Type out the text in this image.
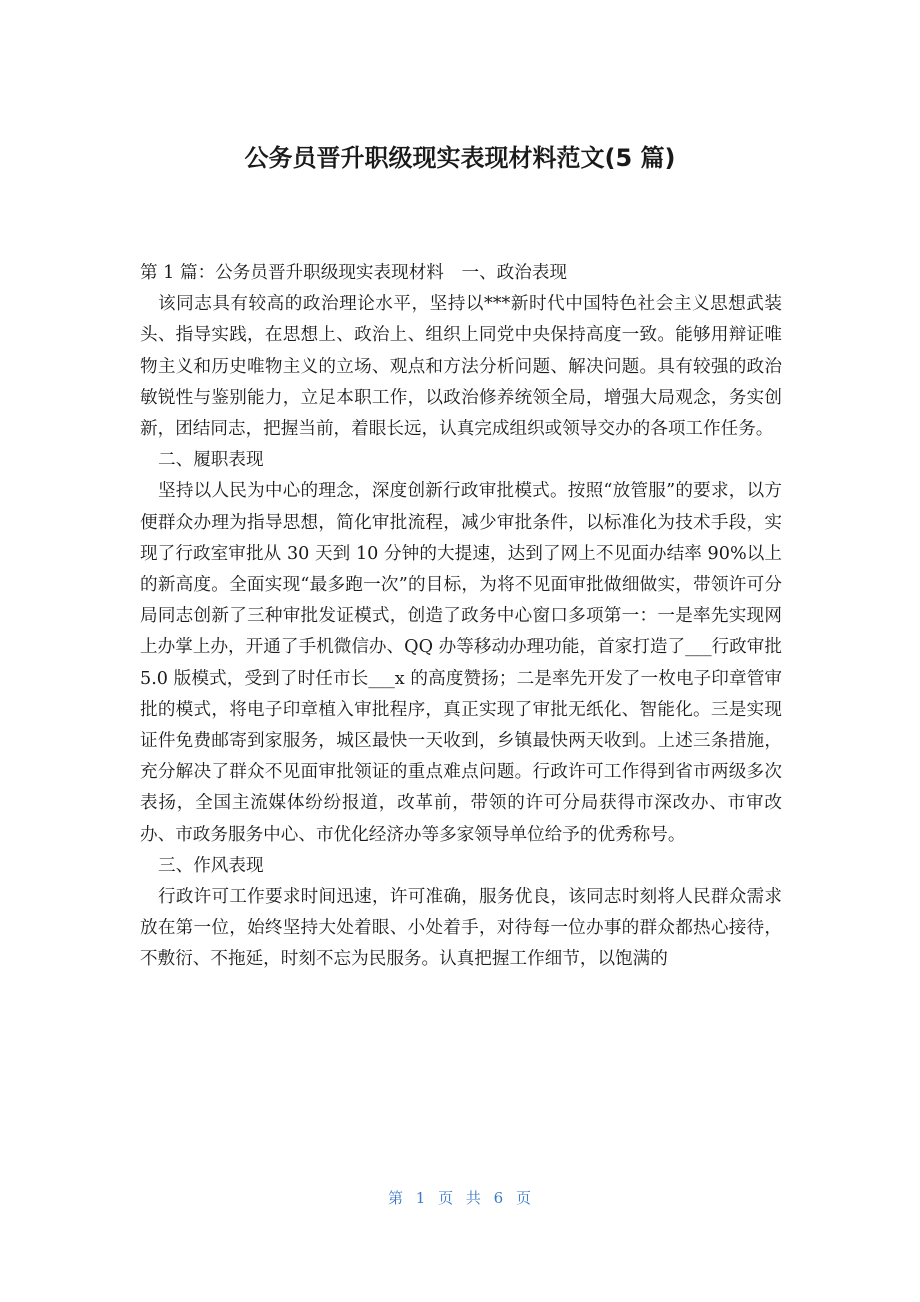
公务员晋升职级现实表现材料范文(5 篇)

第 1 篇：公务员晋升职级现实表现材料　一、政治表现

该同志具有较高的政治理论水平，坚持以***新时代中国特色社会主义思想武装头、指导实践，在思想上、政治上、组织上同党中央保持高度一致。能够用辩证唯物主义和历史唯物主义的立场、观点和方法分析问题、解决问题。具有较强的政治敏锐性与鉴别能力，立足本职工作，以政治修养统领全局，增强大局观念，务实创新，团结同志，把握当前，着眼长远，认真完成组织或领导交办的各项工作任务。

二、履职表现

坚持以人民为中心的理念，深度创新行政审批模式。按照“放管服”的要求，以方便群众办理为指导思想，简化审批流程，减少审批条件，以标准化为技术手段，实现了行政室审批从 30 天到 10 分钟的大提速，达到了网上不见面办结率 90%以上的新高度。全面实现“最多跑一次”的目标，为将不见面审批做细做实，带领许可分局同志创新了三种审批发证模式，创造了政务中心窗口多项第一：一是率先实现网上办掌上办，开通了手机微信办、QQ 办等移动办理功能，首家打造了___行政审批 5.0 版模式，受到了时任市长___x 的高度赞扬；二是率先开发了一枚电子印章管审批的模式，将电子印章植入审批程序，真正实现了审批无纸化、智能化。三是实现证件免费邮寄到家服务，城区最快一天收到，乡镇最快两天收到。上述三条措施，充分解决了群众不见面审批领证的重点难点问题。行政许可工作得到省市两级多次表扬，全国主流媒体纷纷报道，改革前，带领的许可分局获得市深改办、市审改办、市政务服务中心、市优化经济办等多家领导单位给予的优秀称号。

三、作风表现

行政许可工作要求时间迅速，许可准确，服务优良，该同志时刻将人民群众需求放在第一位，始终坚持大处着眼、小处着手，对待每一位办事的群众都热心接待，不敷衍、不拖延，时刻不忘为民服务。认真把握工作细节，以饱满的

第 1 页 共 6 页
